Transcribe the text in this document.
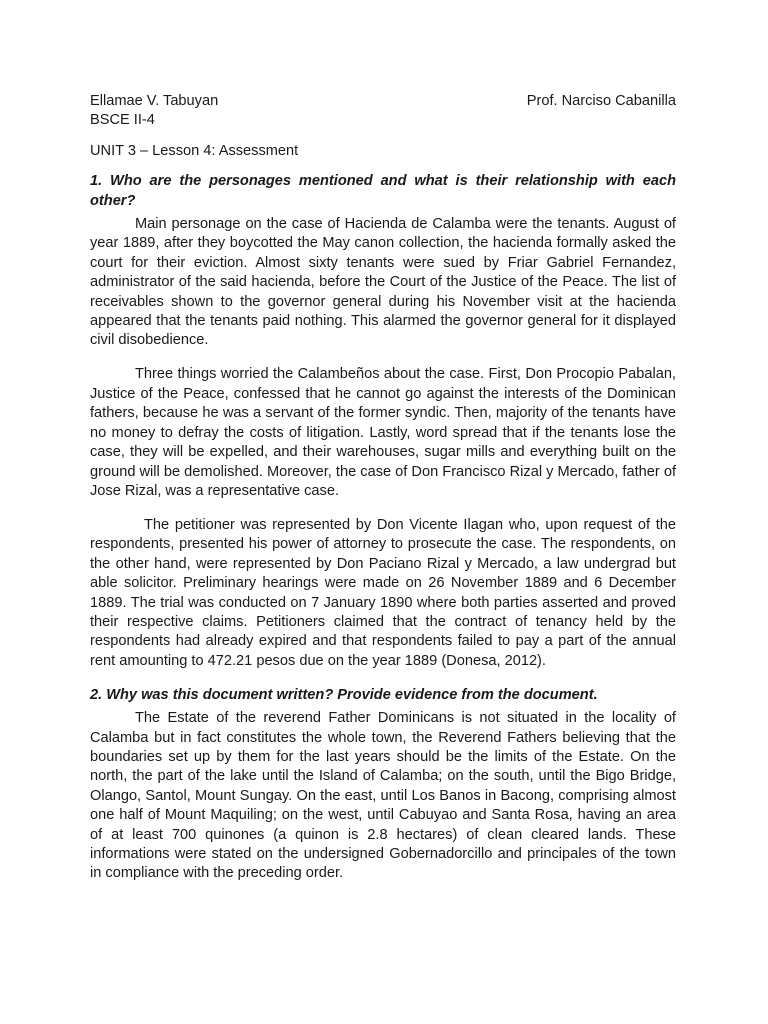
Ellamae V. Tabuyan	Prof. Narciso Cabanilla
BSCE II-4
UNIT 3 – Lesson 4: Assessment
1. Who are the personages mentioned and what is their relationship with each other?

Main personage on the case of Hacienda de Calamba were the tenants. August of year 1889, after they boycotted the May canon collection, the hacienda formally asked the court for their eviction. Almost sixty tenants were sued by Friar Gabriel Fernandez, administrator of the said hacienda, before the Court of the Justice of the Peace. The list of receivables shown to the governor general during his November visit at the hacienda appeared that the tenants paid nothing. This alarmed the governor general for it displayed civil disobedience.

Three things worried the Calambeños about the case. First, Don Procopio Pabalan, Justice of the Peace, confessed that he cannot go against the interests of the Dominican fathers, because he was a servant of the former syndic. Then, majority of the tenants have no money to defray the costs of litigation. Lastly, word spread that if the tenants lose the case, they will be expelled, and their warehouses, sugar mills and everything built on the ground will be demolished. Moreover, the case of Don Francisco Rizal y Mercado, father of Jose Rizal, was a representative case.

The petitioner was represented by Don Vicente Ilagan who, upon request of the respondents, presented his power of attorney to prosecute the case. The respondents, on the other hand, were represented by Don Paciano Rizal y Mercado, a law undergrad but able solicitor. Preliminary hearings were made on 26 November 1889 and 6 December 1889. The trial was conducted on 7 January 1890 where both parties asserted and proved their respective claims. Petitioners claimed that the contract of tenancy held by the respondents had already expired and that respondents failed to pay a part of the annual rent amounting to 472.21 pesos due on the year 1889 (Donesa, 2012).

2. Why was this document written? Provide evidence from the document.

The Estate of the reverend Father Dominicans is not situated in the locality of Calamba but in fact constitutes the whole town, the Reverend Fathers believing that the boundaries set up by them for the last years should be the limits of the Estate. On the north, the part of the lake until the Island of Calamba; on the south, until the Bigo Bridge, Olango, Santol, Mount Sungay. On the east, until Los Banos in Bacong, comprising almost one half of Mount Maquiling; on the west, until Cabuyao and Santa Rosa, having an area of at least 700 quinones (a quinon is 2.8 hectares) of clean cleared lands. These informations were stated on the undersigned Gobernadorcillo and principales of the town in compliance with the preceding order.
